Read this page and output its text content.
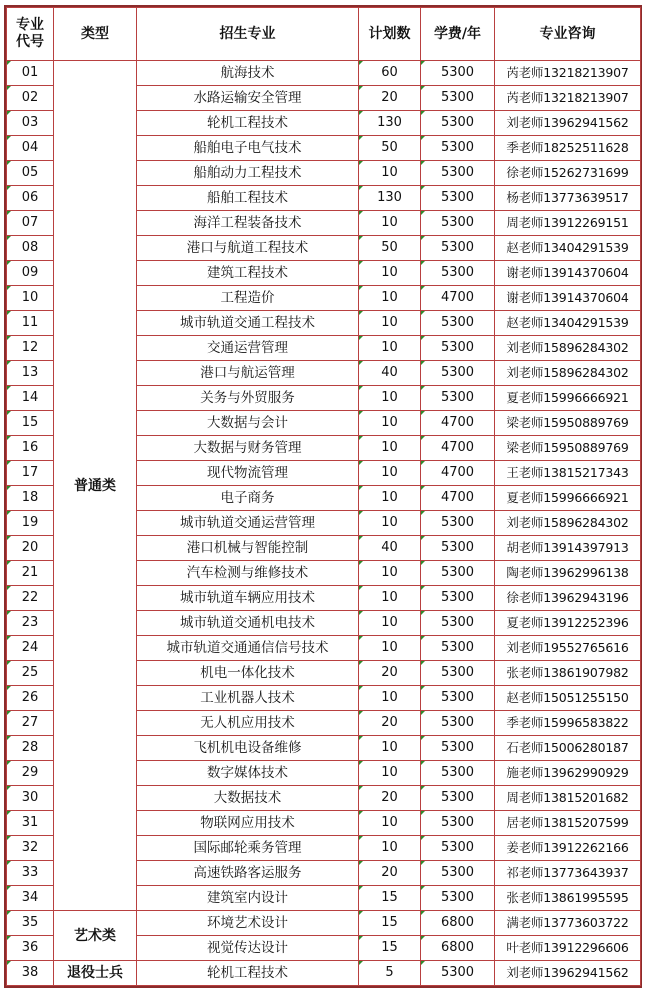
专业代号	类型	招生专业	计划数	学费/年	专业咨询
01	普通类	航海技术	60	5300	芮老师13218213907
02		水路运输安全管理	20	5300	芮老师13218213907
03		轮机工程技术	130	5300	刘老师13962941562
04		船舶电子电气技术	50	5300	季老师18252511628
05		船舶动力工程技术	10	5300	徐老师15262731699
06		船舶工程技术	130	5300	杨老师13773639517
07		海洋工程装备技术	10	5300	周老师13912269151
08		港口与航道工程技术	50	5300	赵老师13404291539
09		建筑工程技术	10	5300	谢老师13914370604
10		工程造价	10	4700	谢老师13914370604
11		城市轨道交通工程技术	10	5300	赵老师13404291539
12		交通运营管理	10	5300	刘老师15896284302
13		港口与航运管理	40	5300	刘老师15896284302
14		关务与外贸服务	10	5300	夏老师15996666921
15		大数据与会计	10	4700	梁老师15950889769
16		大数据与财务管理	10	4700	梁老师15950889769
17		现代物流管理	10	4700	王老师13815217343
18		电子商务	10	4700	夏老师15996666921
19		城市轨道交通运营管理	10	5300	刘老师15896284302
20		港口机械与智能控制	40	5300	胡老师13914397913
21		汽车检测与维修技术	10	5300	陶老师13962996138
22		城市轨道车辆应用技术	10	5300	徐老师13962943196
23		城市轨道交通机电技术	10	5300	夏老师13912252396
24		城市轨道交通通信信号技术	10	5300	刘老师19552765616
25		机电一体化技术	20	5300	张老师13861907982
26		工业机器人技术	10	5300	赵老师15051255150
27		无人机应用技术	20	5300	季老师15996583822
28		飞机机电设备维修	10	5300	石老师15006280187
29		数字媒体技术	10	5300	施老师13962990929
30		大数据技术	20	5300	周老师13815201682
31		物联网应用技术	10	5300	居老师13815207599
32		国际邮轮乘务管理	10	5300	姜老师13912262166
33		高速铁路客运服务	20	5300	祁老师13773643937
34		建筑室内设计	15	5300	张老师13861995595
35	艺术类	环境艺术设计	15	6800	满老师13773603722
36		视觉传达设计	15	6800	叶老师13912296606
38	退役士兵	轮机工程技术	5	5300	刘老师13962941562
